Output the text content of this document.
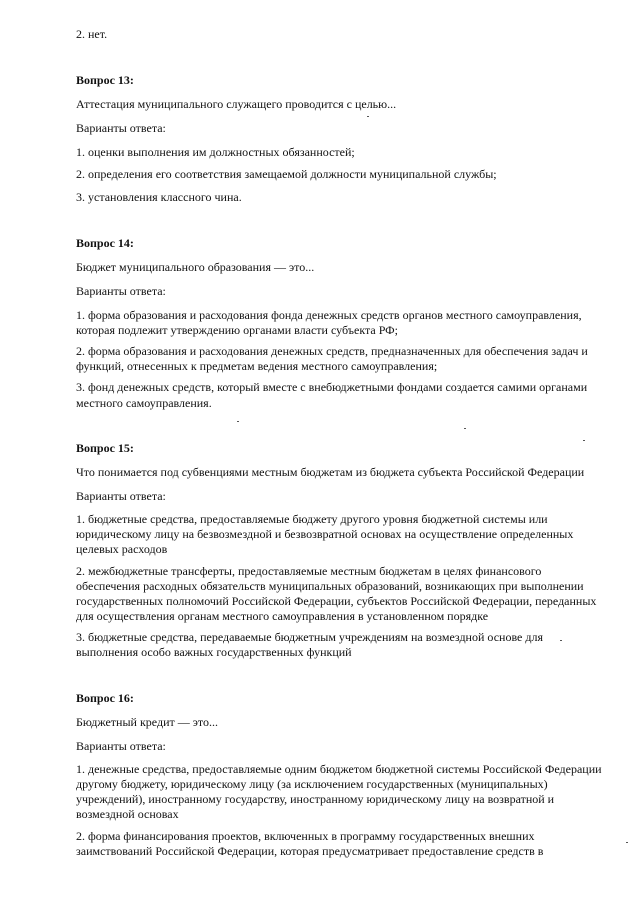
2. нет.

Вопрос 13:

Аттестация муниципального служащего проводится с целью...

Варианты ответа:

1. оценки выполнения им должностных обязанностей;

2. определения его соответствия замещаемой должности муниципальной службы;

3. установления классного чина.

Вопрос 14:

Бюджет муниципального образования — это...

Варианты ответа:

1. форма образования и расходования фонда денежных средств органов местного самоуправления,

которая подлежит утверждению органами власти субъекта РФ;

2. форма образования и расходования денежных средств, предназначенных для обеспечения задач и

функций, отнесенных к предметам ведения местного самоуправления;

3. фонд денежных средств, который вместе с внебюджетными фондами создается самими органами

местного самоуправления.

Вопрос 15:

Что понимается под субвенциями местным бюджетам из бюджета субъекта Российской Федерации

Варианты ответа:

1. бюджетные средства, предоставляемые бюджету другого уровня бюджетной системы или

юридическому лицу на безвозмездной и безвозвратной основах на осуществление определенных

целевых расходов

2. межбюджетные трансферты, предоставляемые местным бюджетам в целях финансового

обеспечения расходных обязательств муниципальных образований, возникающих при выполнении

государственных полномочий Российской Федерации, субъектов Российской Федерации, переданных

для осуществления органам местного самоуправления в установленном порядке

3. бюджетные средства, передаваемые бюджетным учреждениям на возмездной основе для

выполнения особо важных государственных функций

Вопрос 16:

Бюджетный кредит — это...

Варианты ответа:

1. денежные средства, предоставляемые одним бюджетом бюджетной системы Российской Федерации

другому бюджету, юридическому лицу (за исключением государственных (муниципальных)

учреждений), иностранному государству, иностранному юридическому лицу на возвратной и

возмездной основах

2. форма финансирования проектов, включенных в программу государственных внешних

заимствований Российской Федерации, которая предусматривает предоставление средств в
